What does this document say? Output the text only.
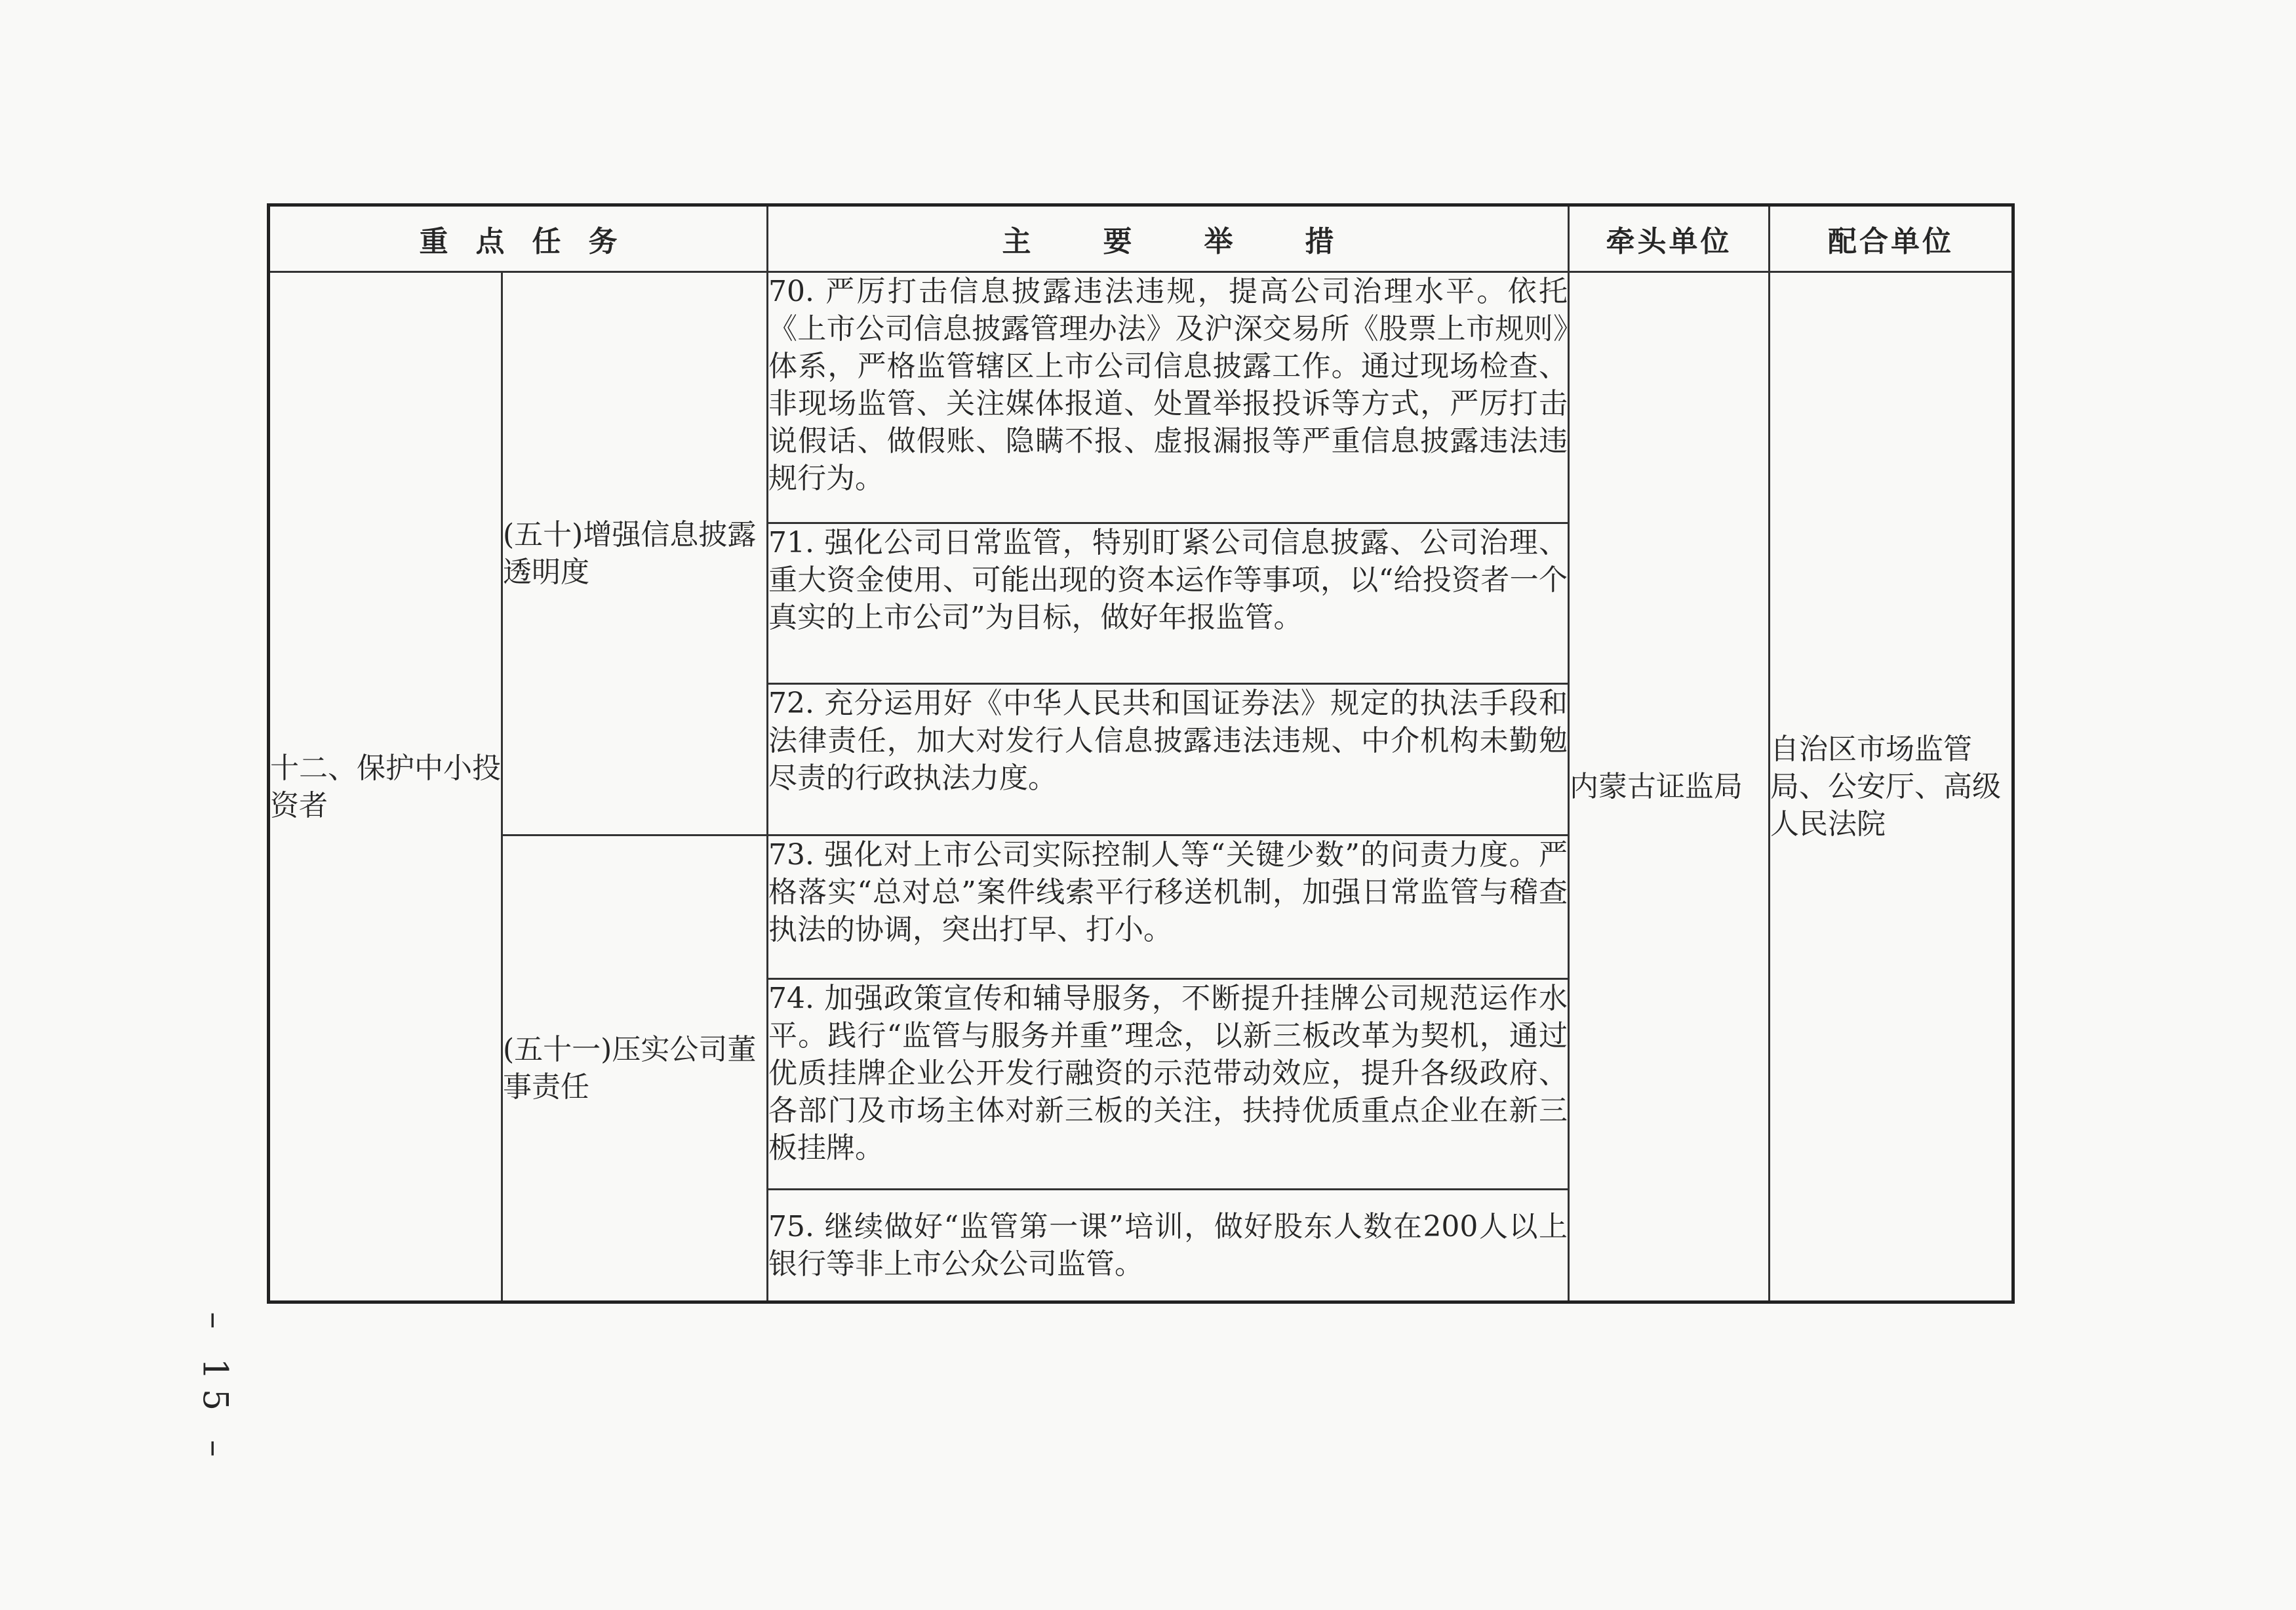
– 15 –
重点任务		主要举措	牵头单位	配合单位
十二、保护中小投资者	(五十)增强信息披露透明度	70. 严厉打击信息披露违法违规，提高公司治理水平。依托《上市公司信息披露管理办法》及沪深交易所《股票上市规则》体系，严格监管辖区上市公司信息披露工作。通过现场检查、非现场监管、关注媒体报道、处置举报投诉等方式，严厉打击说假话、做假账、隐瞒不报、虚报漏报等严重信息披露违法违规行为。	内蒙古证监局	自治区市场监管局、公安厅、高级人民法院
		71. 强化公司日常监管，特别盯紧公司信息披露、公司治理、重大资金使用、可能出现的资本运作等事项，以“给投资者一个真实的上市公司”为目标，做好年报监管。		
		72. 充分运用好《中华人民共和国证券法》规定的执法手段和法律责任，加大对发行人信息披露违法违规、中介机构未勤勉尽责的行政执法力度。		
	(五十一)压实公司董事责任	73. 强化对上市公司实际控制人等“关键少数”的问责力度。严格落实“总对总”案件线索平行移送机制，加强日常监管与稽查执法的协调，突出打早、打小。		
		74. 加强政策宣传和辅导服务，不断提升挂牌公司规范运作水平。践行“监管与服务并重”理念，以新三板改革为契机，通过优质挂牌企业公开发行融资的示范带动效应，提升各级政府、各部门及市场主体对新三板的关注，扶持优质重点企业在新三板挂牌。		
		75. 继续做好“监管第一课”培训，做好股东人数在200人以上银行等非上市公众公司监管。		
